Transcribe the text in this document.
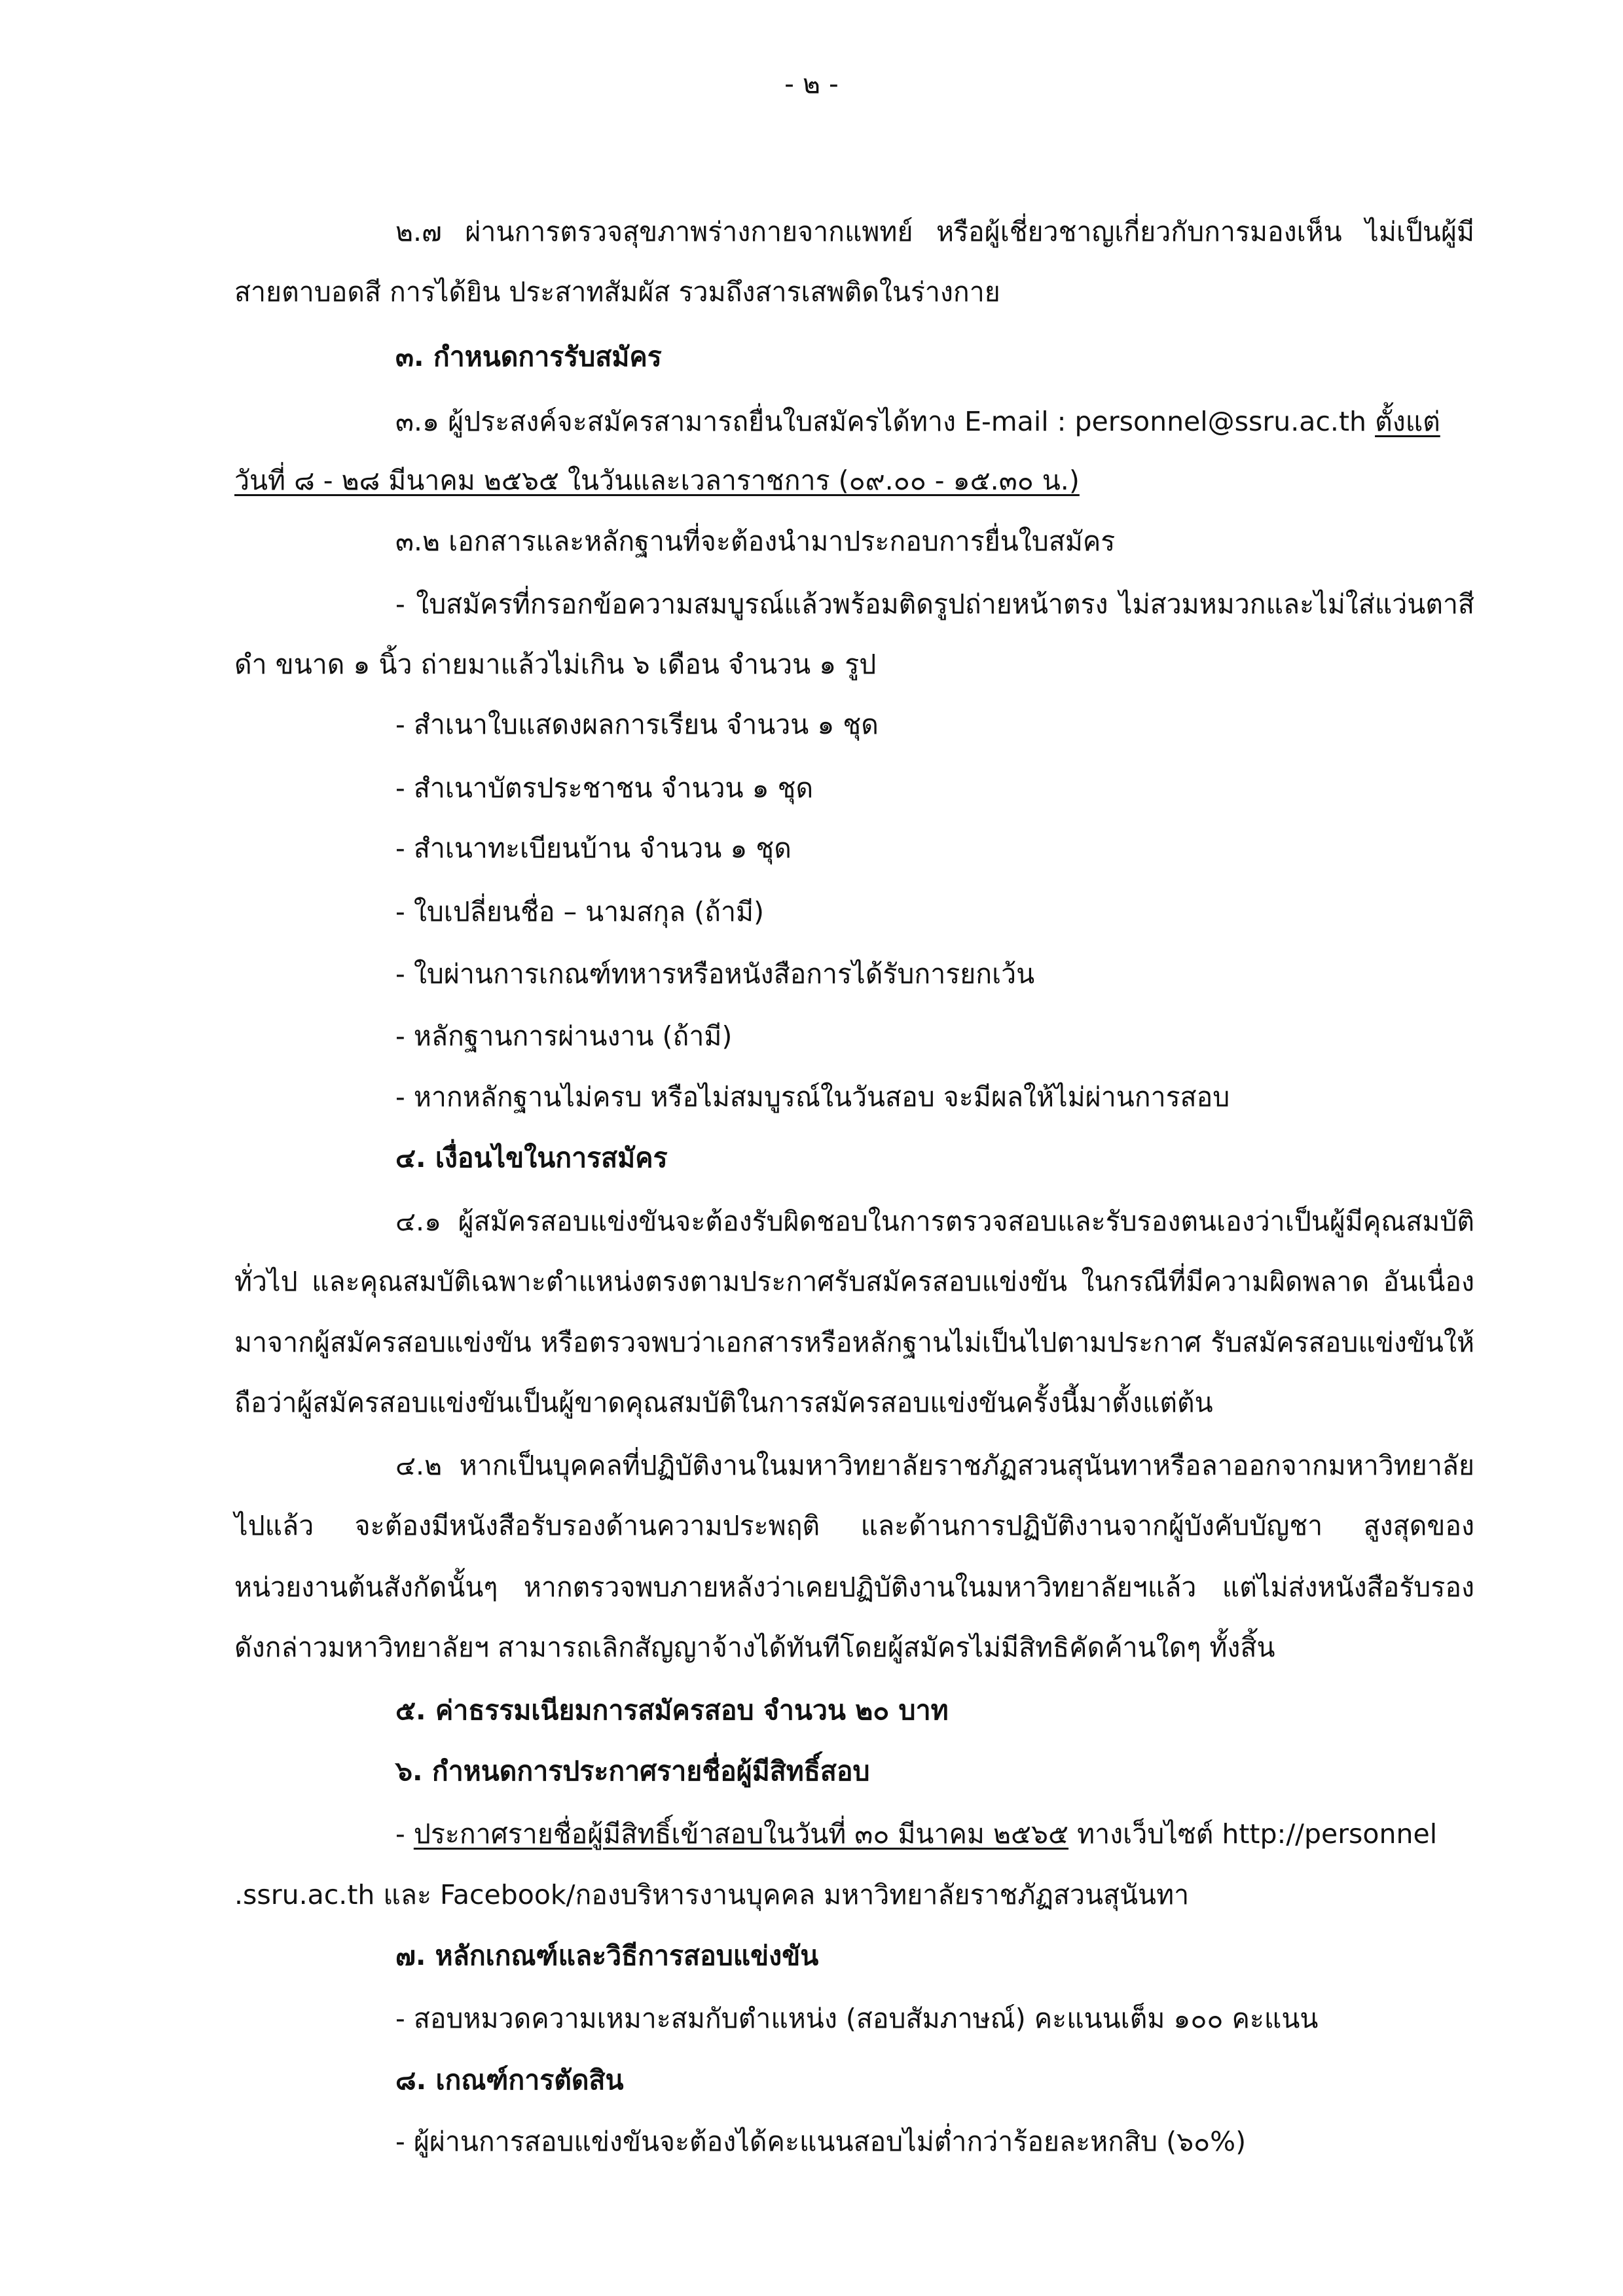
- ๒ -
๒.๗ ผ่านการตรวจสุขภาพร่างกายจากแพทย์ หรือผู้เชี่ยวชาญเกี่ยวกับการมองเห็น ไม่เป็นผู้มี
สายตาบอดสี การได้ยิน ประสาทสัมผัส รวมถึงสารเสพติดในร่างกาย
๓. กำหนดการรับสมัคร
๓.๑ ผู้ประสงค์จะสมัครสามารถยื่นใบสมัครได้ทาง E-mail : personnel@ssru.ac.th ตั้งแต่
วันที่ ๘ - ๒๘ มีนาคม ๒๕๖๕ ในวันและเวลาราชการ (๐๙.๐๐ - ๑๕.๓๐ น.)
๓.๒ เอกสารและหลักฐานที่จะต้องนำมาประกอบการยื่นใบสมัคร
- ใบสมัครที่กรอกข้อความสมบูรณ์แล้วพร้อมติดรูปถ่ายหน้าตรง ไม่สวมหมวกและไม่ใส่แว่นตาสี
ดำ ขนาด ๑ นิ้ว ถ่ายมาแล้วไม่เกิน ๖ เดือน จำนวน ๑ รูป
- สำเนาใบแสดงผลการเรียน จำนวน ๑ ชุด
- สำเนาบัตรประชาชน จำนวน ๑ ชุด
- สำเนาทะเบียนบ้าน จำนวน ๑ ชุด
- ใบเปลี่ยนชื่อ – นามสกุล (ถ้ามี)
- ใบผ่านการเกณฑ์ทหารหรือหนังสือการได้รับการยกเว้น
- หลักฐานการผ่านงาน (ถ้ามี)
- หากหลักฐานไม่ครบ หรือไม่สมบูรณ์ในวันสอบ จะมีผลให้ไม่ผ่านการสอบ
๔. เงื่อนไขในการสมัคร
๔.๑ ผู้สมัครสอบแข่งขันจะต้องรับผิดชอบในการตรวจสอบและรับรองตนเองว่าเป็นผู้มีคุณสมบัติ
ทั่วไป และคุณสมบัติเฉพาะตำแหน่งตรงตามประกาศรับสมัครสอบแข่งขัน ในกรณีที่มีความผิดพลาด อันเนื่อง
มาจากผู้สมัครสอบแข่งขัน หรือตรวจพบว่าเอกสารหรือหลักฐานไม่เป็นไปตามประกาศ รับสมัครสอบแข่งขันให้
ถือว่าผู้สมัครสอบแข่งขันเป็นผู้ขาดคุณสมบัติในการสมัครสอบแข่งขันครั้งนี้มาตั้งแต่ต้น
๔.๒ หากเป็นบุคคลที่ปฏิบัติงานในมหาวิทยาลัยราชภัฏสวนสุนันทาหรือลาออกจากมหาวิทยาลัย
ไปแล้ว จะต้องมีหนังสือรับรองด้านความประพฤติ และด้านการปฏิบัติงานจากผู้บังคับบัญชา สูงสุดของ
หน่วยงานต้นสังกัดนั้นๆ หากตรวจพบภายหลังว่าเคยปฏิบัติงานในมหาวิทยาลัยฯแล้ว แต่ไม่ส่งหนังสือรับรอง
ดังกล่าวมหาวิทยาลัยฯ สามารถเลิกสัญญาจ้างได้ทันทีโดยผู้สมัครไม่มีสิทธิคัดค้านใดๆ ทั้งสิ้น
๕. ค่าธรรมเนียมการสมัครสอบ จำนวน ๒๐ บาท
๖. กำหนดการประกาศรายชื่อผู้มีสิทธิ์สอบ
- ประกาศรายชื่อผู้มีสิทธิ์เข้าสอบในวันที่ ๓๐ มีนาคม ๒๕๖๕ ทางเว็บไซต์ http://personnel
.ssru.ac.th และ Facebook/กองบริหารงานบุคคล มหาวิทยาลัยราชภัฏสวนสุนันทา
๗. หลักเกณฑ์และวิธีการสอบแข่งขัน
- สอบหมวดความเหมาะสมกับตำแหน่ง (สอบสัมภาษณ์) คะแนนเต็ม ๑๐๐ คะแนน
๘. เกณฑ์การตัดสิน
- ผู้ผ่านการสอบแข่งขันจะต้องได้คะแนนสอบไม่ต่ำกว่าร้อยละหกสิบ (๖๐%)
